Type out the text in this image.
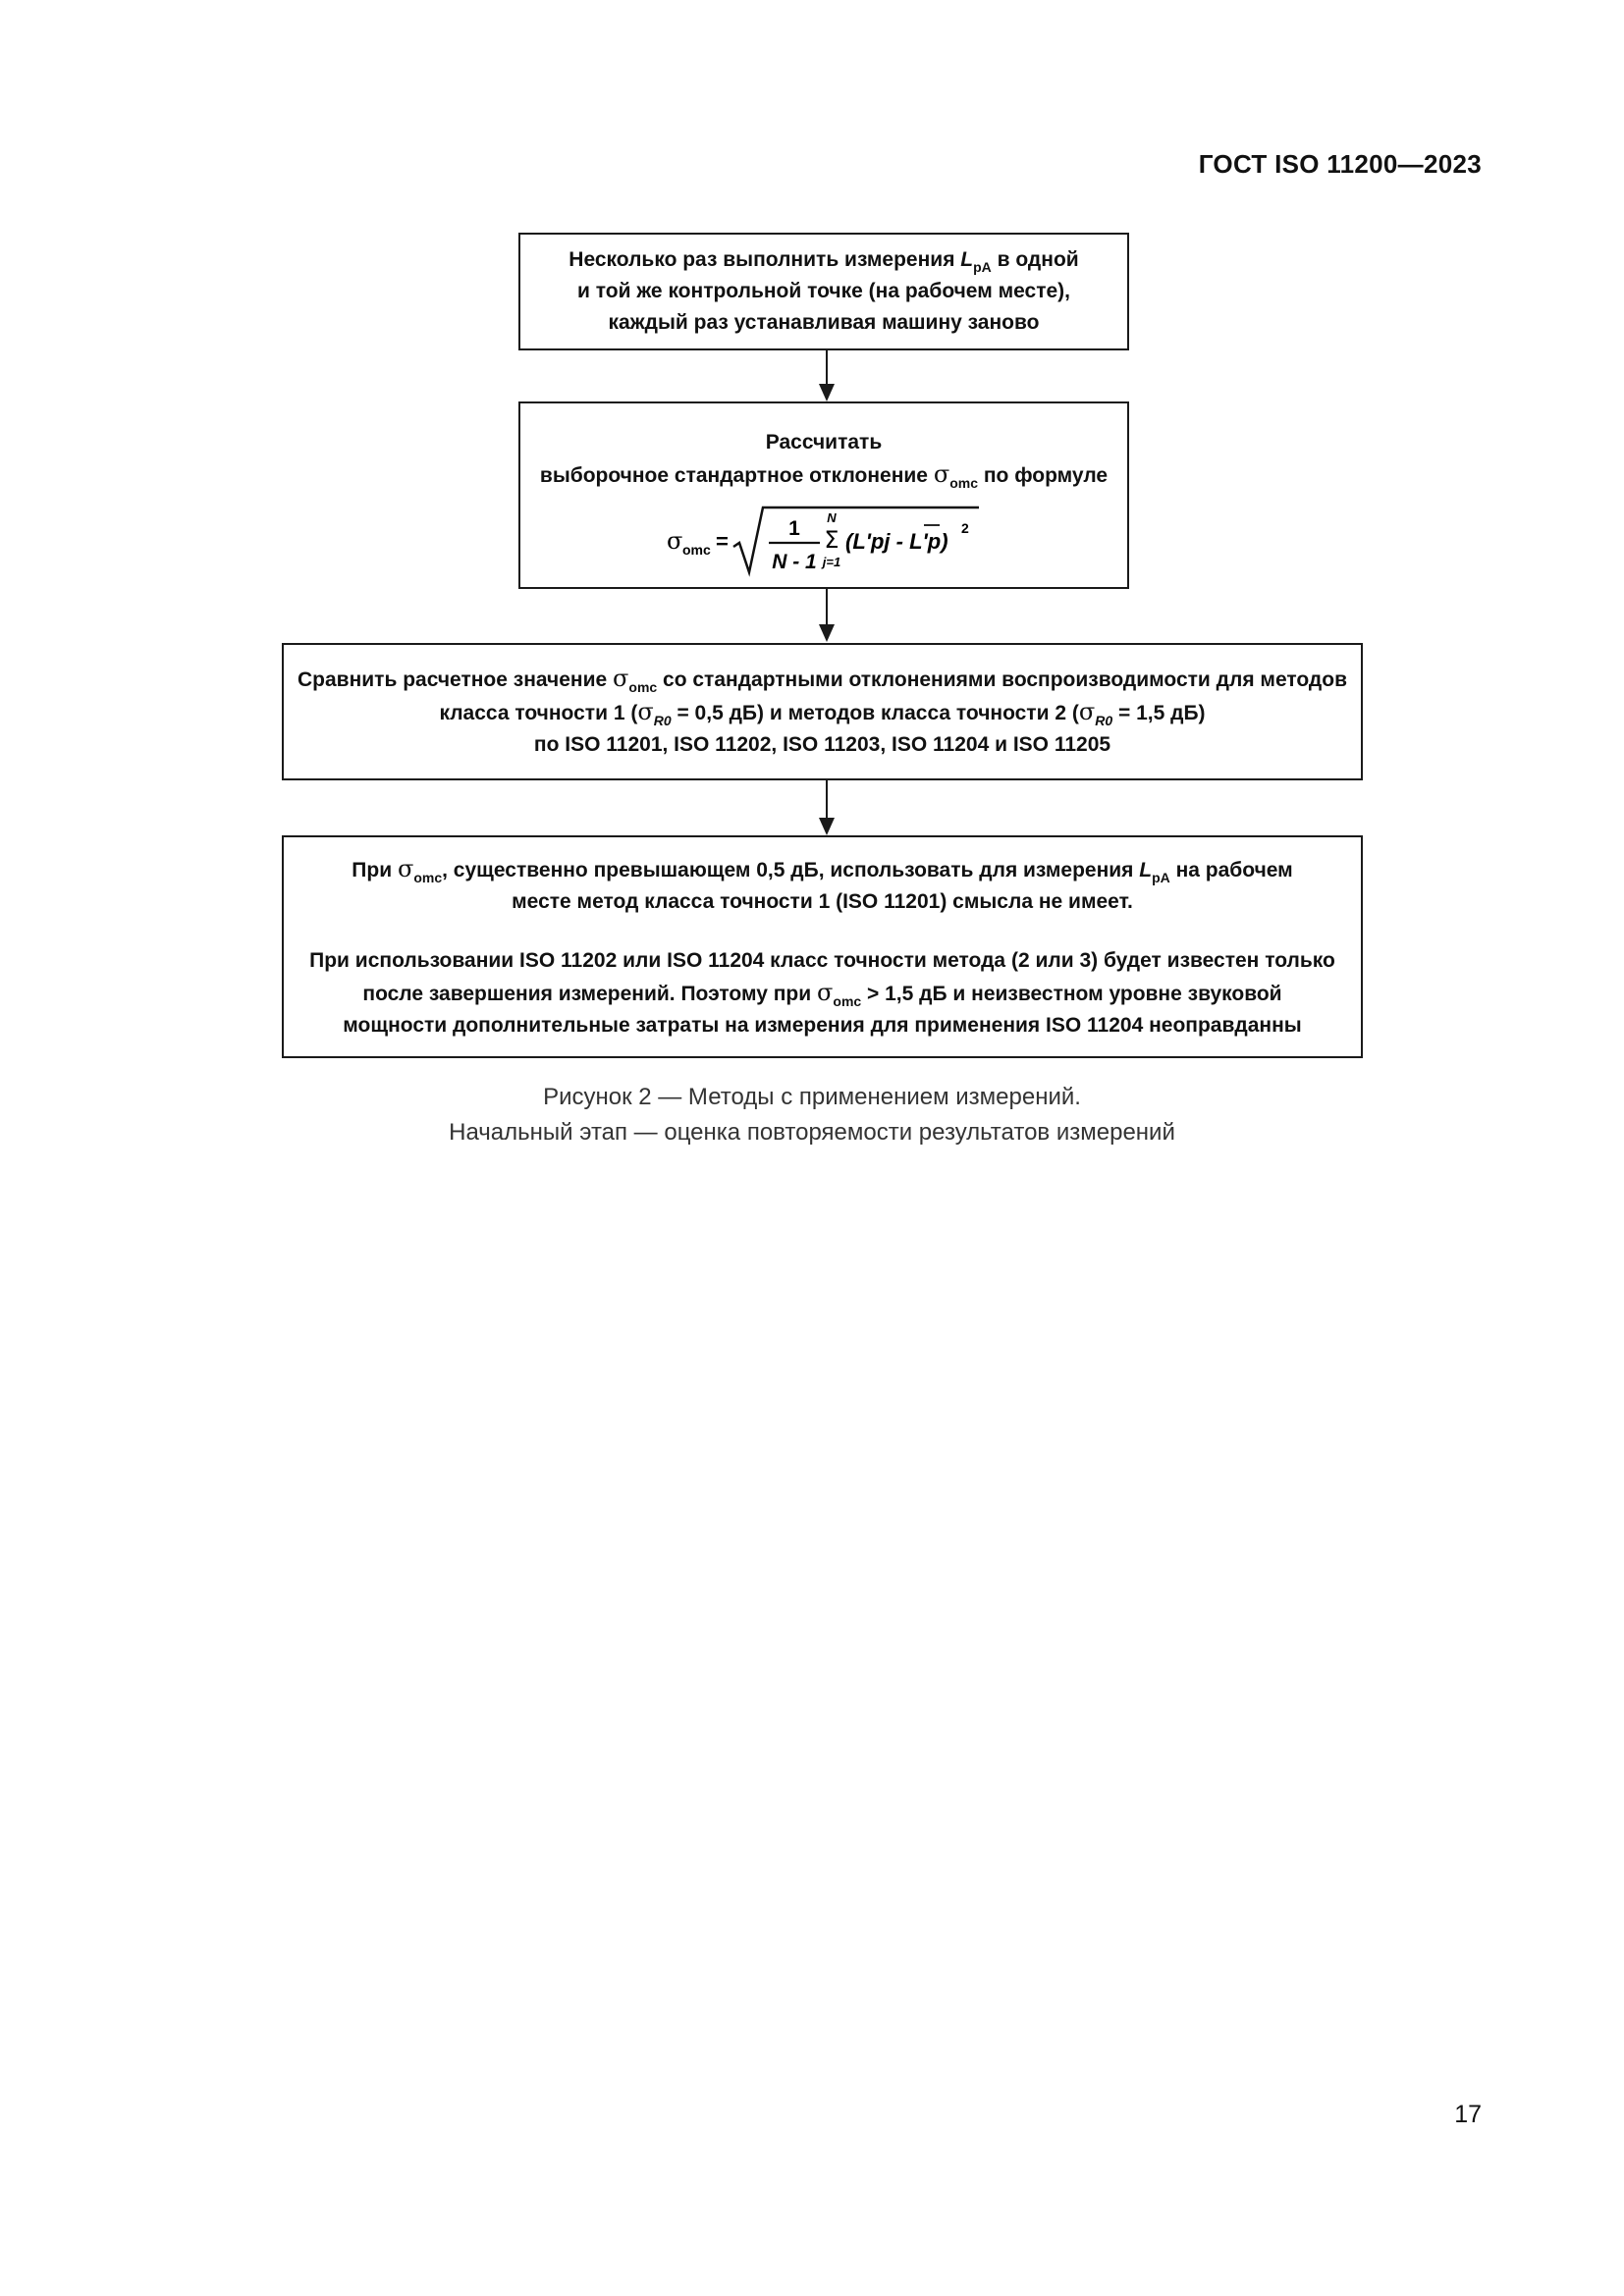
ГОСТ ISO 11200—2023
Несколько раз выполнить измерения $L_{pA}$ в одной
и той же контрольной точке (на рабочем месте),
каждый раз устанавливая машину заново
Рассчитать
выборочное стандартное отклонение $\sigma_{omc}$ по формуле
σ omc =
1
N - 1
N
Σ
j=1
(L'pj - L'p)
2
Сравнить расчетное значение $\sigma_{omc}$ со стандартными отклонениями воспроизводимости для методов
класса точности 1 ($\sigma_{R0} = 0,5$ дБ) и методов класса точности 2 ($\sigma_{R0} = 1,5$ дБ)
по ISO 11201, ISO 11202, ISO 11203, ISO 11204 и ISO 11205
При $\sigma_{omc}$, существенно превышающем 0,5 дБ, использовать для измерения $L_{pA}$ на рабочем
месте метод класса точности 1 (ISO 11201) смысла не имеет.
При использовании ISO 11202 или ISO 11204 класс точности метода (2 или 3) будет известен только
после завершения измерений. Поэтому при $\sigma_{omc} > 1,5$ дБ и неизвестном уровне звуковой
мощности дополнительные затраты на измерения для применения ISO 11204 неоправданны
Рисунок 2 — Методы с применением измерений.
Начальный этап — оценка повторяемости результатов измерений
17
